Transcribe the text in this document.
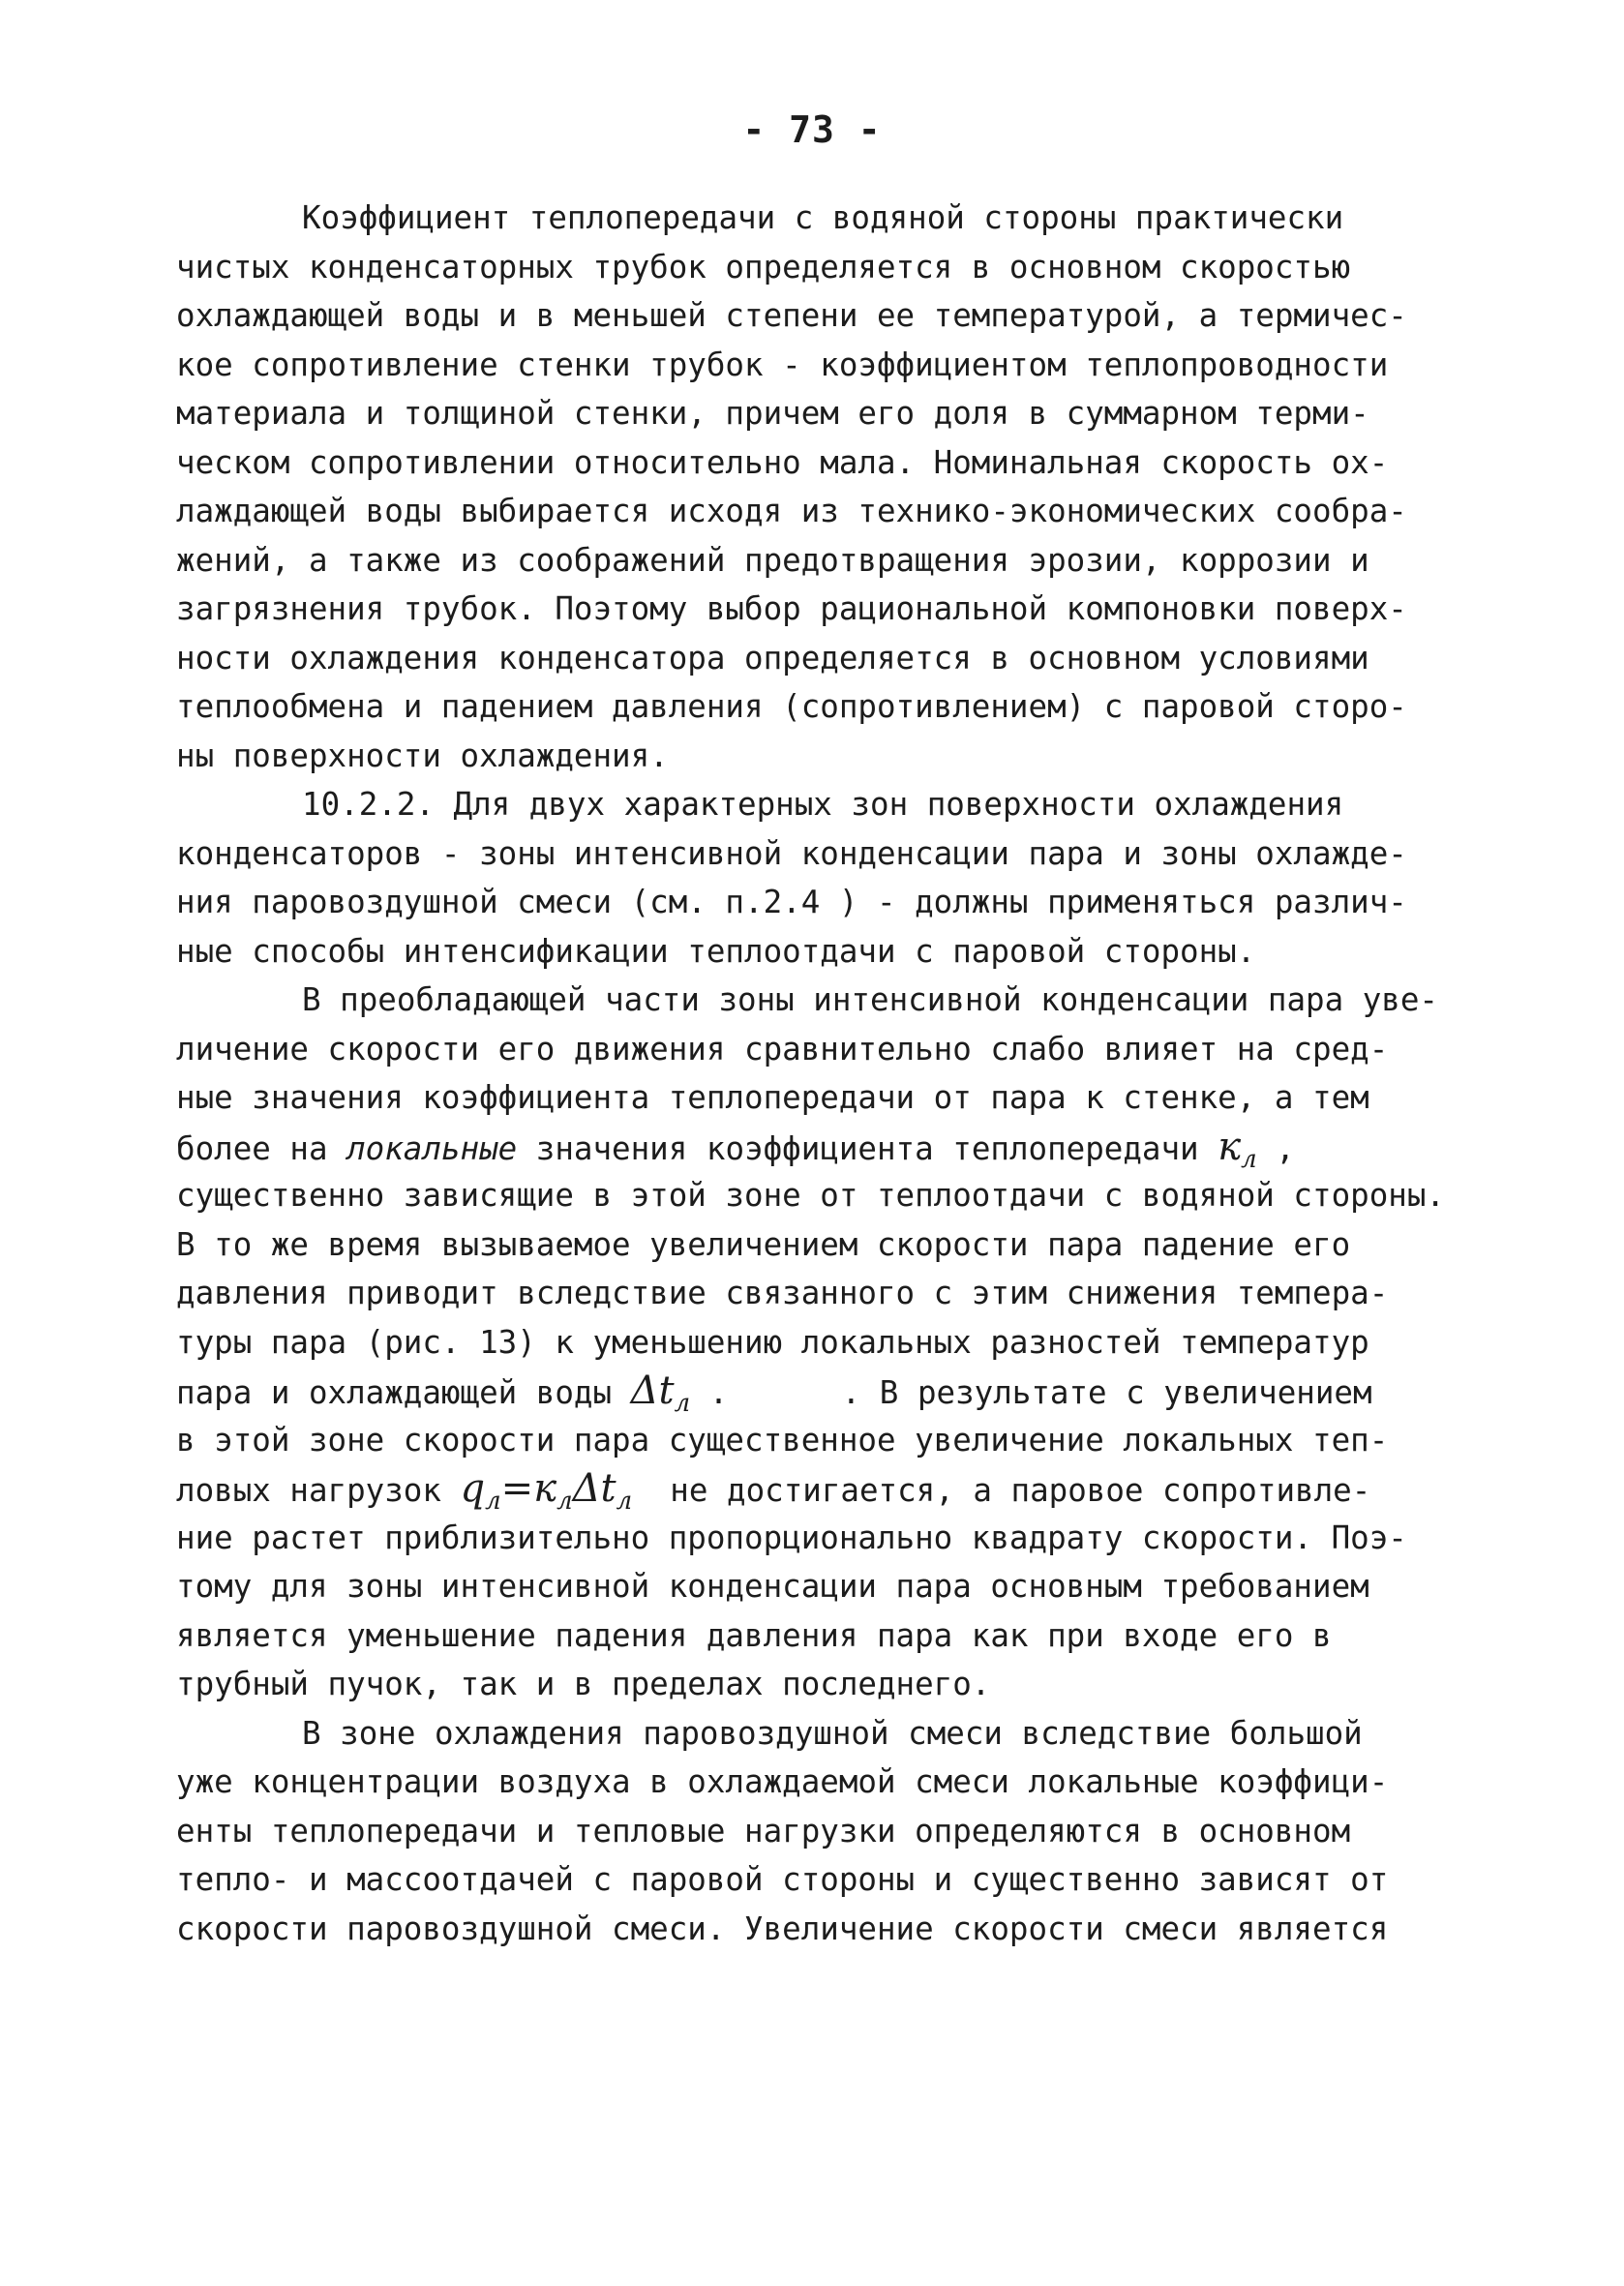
- 73 -
Коэффициент теплопередачи с водяной стороны практически
чистых конденсаторных трубок определяется в основном скоростью
охлаждающей воды и в меньшей степени ее температурой, а термичес-
кое сопротивление стенки трубок - коэффициентом теплопроводности
материала и толщиной стенки, причем его доля в суммарном терми-
ческом сопротивлении относительно мала. Номинальная скорость ох-
лаждающей воды выбирается исходя из технико-экономических сообра-
жений, а также из соображений предотвращения эрозии, коррозии и
загрязнения трубок. Поэтому выбор рациональной компоновки поверх-
ности охлаждения конденсатора определяется в основном условиями
теплообмена и падением давления (сопротивлением) с паровой сторо-
ны поверхности охлаждения.
10.2.2. Для двух характерных зон поверхности охлаждения
конденсаторов - зоны интенсивной конденсации пара и зоны охлажде-
ния паровоздушной смеси (см. п.2.4 ) - должны применяться различ-
ные способы интенсификации теплоотдачи с паровой стороны.
В преобладающей части зоны интенсивной конденсации пара уве-
личение скорости его движения сравнительно слабо влияет на сред-
ные значения коэффициента теплопередачи от пара к стенке, а тем
более на локальные значения коэффициента теплопередачи $к_л$ ,
существенно зависящие в этой зоне от теплоотдачи с водяной стороны.
В то же время вызываемое увеличением скорости пара падение его
давления приводит вследствие связанного с этим снижения темпера-
туры пара (рис. 13) к уменьшению локальных разностей температур
пара и охлаждающей воды $\Delta t_л$ .      . В результате с увеличением
в этой зоне скорости пара существенное увеличение локальных теп-
ловых нагрузок $q_л=к_л\Delta t_л$  не достигается, а паровое сопротивле-
ние растет приблизительно пропорционально квадрату скорости. Поэ-
тому для зоны интенсивной конденсации пара основным требованием
является уменьшение падения давления пара как при входе его в
трубный пучок, так и в пределах последнего.
В зоне охлаждения паровоздушной смеси вследствие большой
уже концентрации воздуха в охлаждаемой смеси локальные коэффици-
енты теплопередачи и тепловые нагрузки определяются в основном
тепло- и массоотдачей с паровой стороны и существенно зависят от
скорости паровоздушной смеси. Увеличение скорости смеси является
